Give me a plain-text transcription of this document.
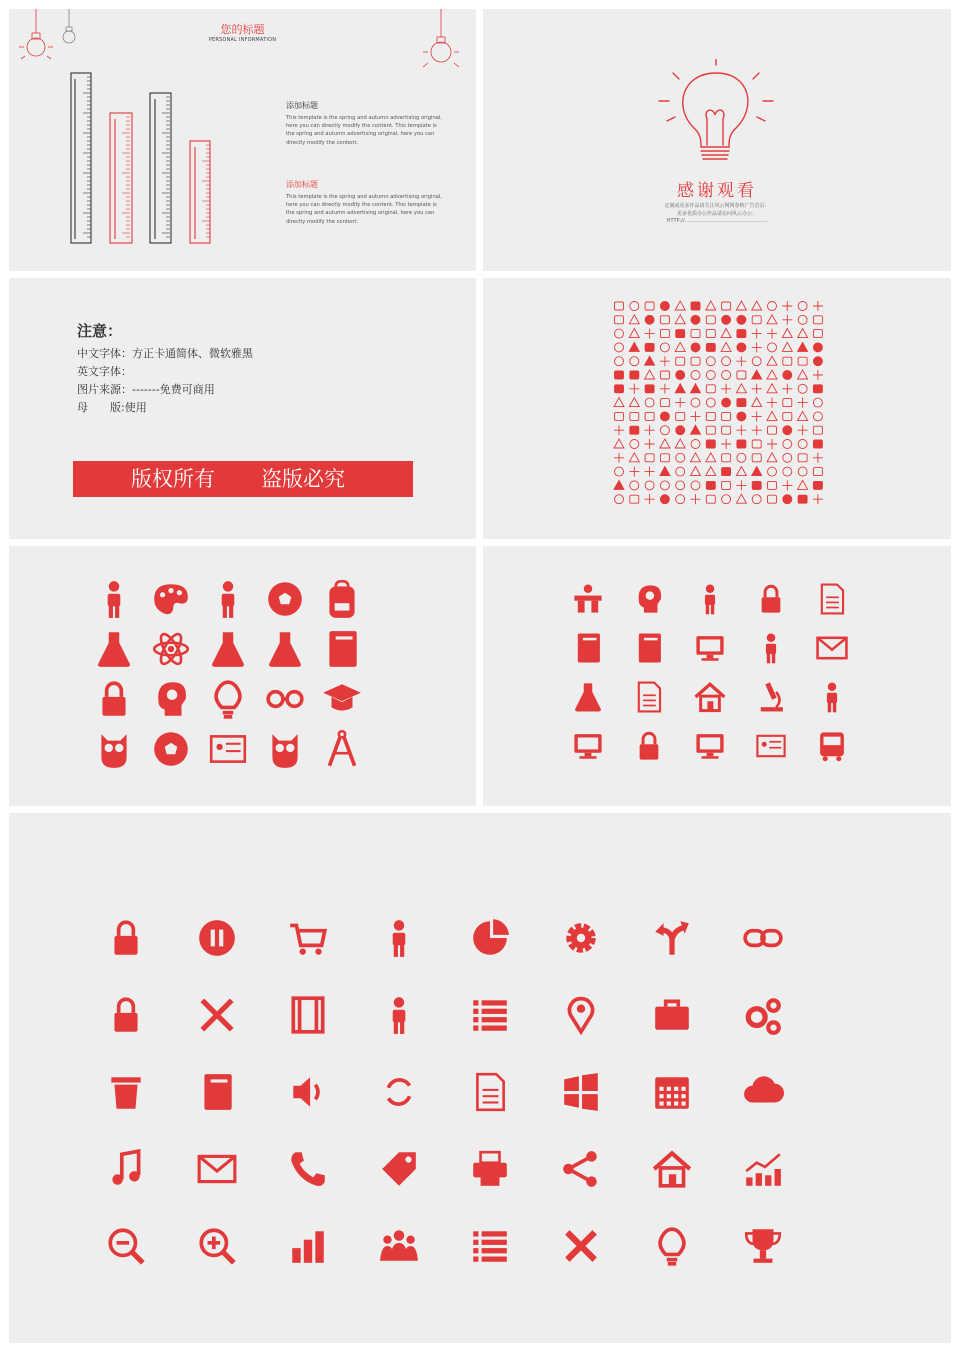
您的标题
PERSONAL INFORMATION
添加标题
This template is the spring and autumn advertising original, here you can directly modify the content. This template is the spring and autumn advertising original, here you can directly modify the content.
添加标题
This template is the spring and autumn advertising original, here you can directly modify the content. This template is the spring and autumn advertising original, here you can directly modify the content.
感谢观看
定制或更多作品请关注风云网网春秋广告首页：
更多优质办公作品请访问风云办公：
HTTP://....................................................
注意：
中文字体：方正卡通简体、微软雅黑
英文字体：
图片来源：-------免费可商用
母　　版:使用
版权所有 盗版必究
